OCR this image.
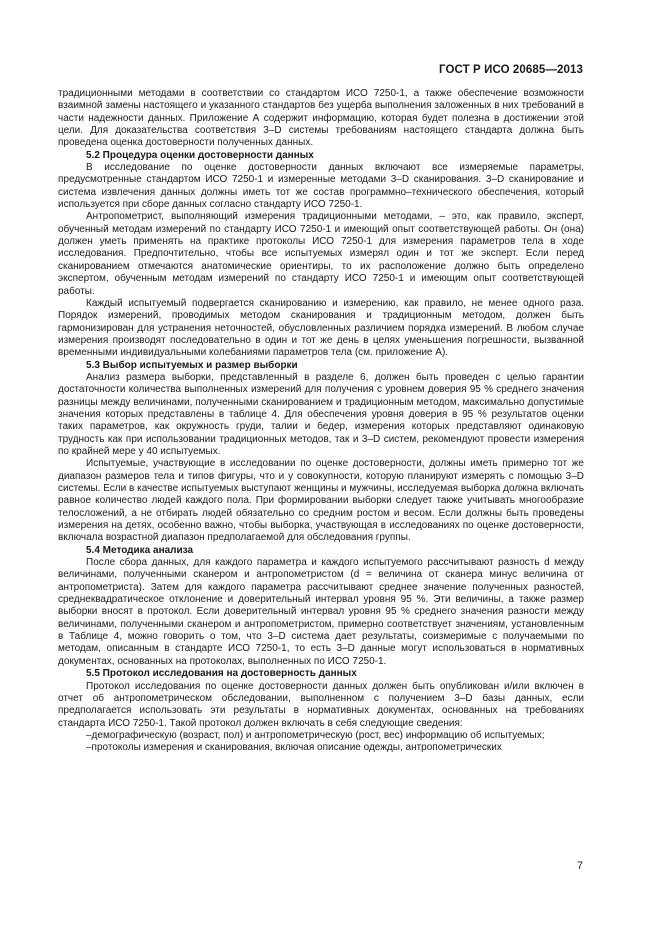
ГОСТ Р ИСО 20685—2013

традиционными методами в соответствии со стандартом ИСО 7250-1, а также обеспечение возможности взаимной замены настоящего и указанного стандартов без ущерба выполнения заложенных в них требований в части надежности данных. Приложение А содержит информацию, которая будет полезна в достижении этой цели. Для доказательства соответствия 3–D системы требованиям настоящего стандарта должна быть проведена оценка достоверности полученных данных.

5.2 Процедура оценки достоверности данных

В исследование по оценке достоверности данных включают все измеряемые параметры, предусмотренные стандартом ИСО 7250-1 и измеренные методами 3–D сканирования. 3–D сканирование и система извлечения данных должны иметь тот же состав программно–технического обеспечения, который используется при сборе данных согласно стандарту ИСО 7250-1.

Антропометрист, выполняющий измерения традиционными методами, – это, как правило, эксперт, обученный методам измерений по стандарту ИСО 7250-1 и имеющий опыт соответствующей работы. Он (она) должен уметь применять на практике протоколы ИСО 7250-1 для измерения параметров тела в ходе исследования. Предпочтительно, чтобы все испытуемых измерял один и тот же эксперт. Если перед сканированием отмечаются анатомические ориентиры, то их расположение должно быть определено экспертом, обученным методам измерений по стандарту ИСО 7250-1 и имеющим опыт соответствующей работы.

Каждый испытуемый подвергается сканированию и измерению, как правило, не менее одного раза. Порядок измерений, проводимых методом сканирования и традиционным методом, должен быть гармонизирован для устранения неточностей, обусловленных различием порядка измерений. В любом случае измерения производят последовательно в один и тот же день в целях уменьшения погрешности, вызванной временными индивидуальными колебаниями параметров тела (см. приложение А).

5.3 Выбор испытуемых и размер выборки

Анализ размера выборки, представленный в разделе 6, должен быть проведен с целью гарантии достаточности количества выполненных измерений для получения с уровнем доверия 95 % среднего значения разницы между величинами, полученными сканированием и традиционным методом, максимально допустимые значения которых представлены в таблице 4. Для обеспечения уровня доверия в 95 % результатов оценки таких параметров, как окружность груди, талии и бедер, измерения которых представляют одинаковую трудность как при использовании традиционных методов, так и 3–D систем, рекомендуют провести измерения по крайней мере у 40 испытуемых.

Испытуемые, участвующие в исследовании по оценке достоверности, должны иметь примерно тот же диапазон размеров тела и типов фигуры, что и у совокупности, которую планируют измерять с помощью 3–D системы. Если в качестве испытуемых выступают женщины и мужчины, исследуемая выборка должна включать равное количество людей каждого пола. При формировании выборки следует также учитывать многообразие телосложений, а не отбирать людей обязательно со средним ростом и весом. Если должны быть проведены измерения на детях, особенно важно, чтобы выборка, участвующая в исследованиях по оценке достоверности, включала возрастной диапазон предполагаемой для обследования группы.

5.4 Методика анализа

После сбора данных, для каждого параметра и каждого испытуемого рассчитывают разность d между величинами, полученными сканером и антропометристом (d = величина от сканера минус величина от антропометриста). Затем для каждого параметра рассчитывают среднее значение полученных разностей, среднеквадратическое отклонение и доверительный интервал уровня 95 %. Эти величины, а также размер выборки вносят в протокол. Если доверительный интервал уровня 95 % среднего значения разности между величинами, полученными сканером и антропометристом, примерно соответствует значениям, установленным в Таблице 4, можно говорить о том, что 3–D система дает результаты, соизмеримые с получаемыми по методам, описанным в стандарте ИСО 7250-1, то есть 3–D данные могут использоваться в нормативных документах, основанных на протоколах, выполненных по ИСО 7250-1.

5.5 Протокол исследования на достоверность данных

Протокол исследования по оценке достоверности данных должен быть опубликован и/или включен в отчет об антропометрическом обследовании, выполненном с получением 3–D базы данных, если предполагается использовать эти результаты в нормативных документах, основанных на требованиях стандарта ИСО 7250-1. Такой протокол должен включать в себя следующие сведения:

–демографическую (возраст, пол) и антропометрическую (рост, вес) информацию об испытуемых;

–протоколы измерения и сканирования, включая описание одежды, антропометрических

7
